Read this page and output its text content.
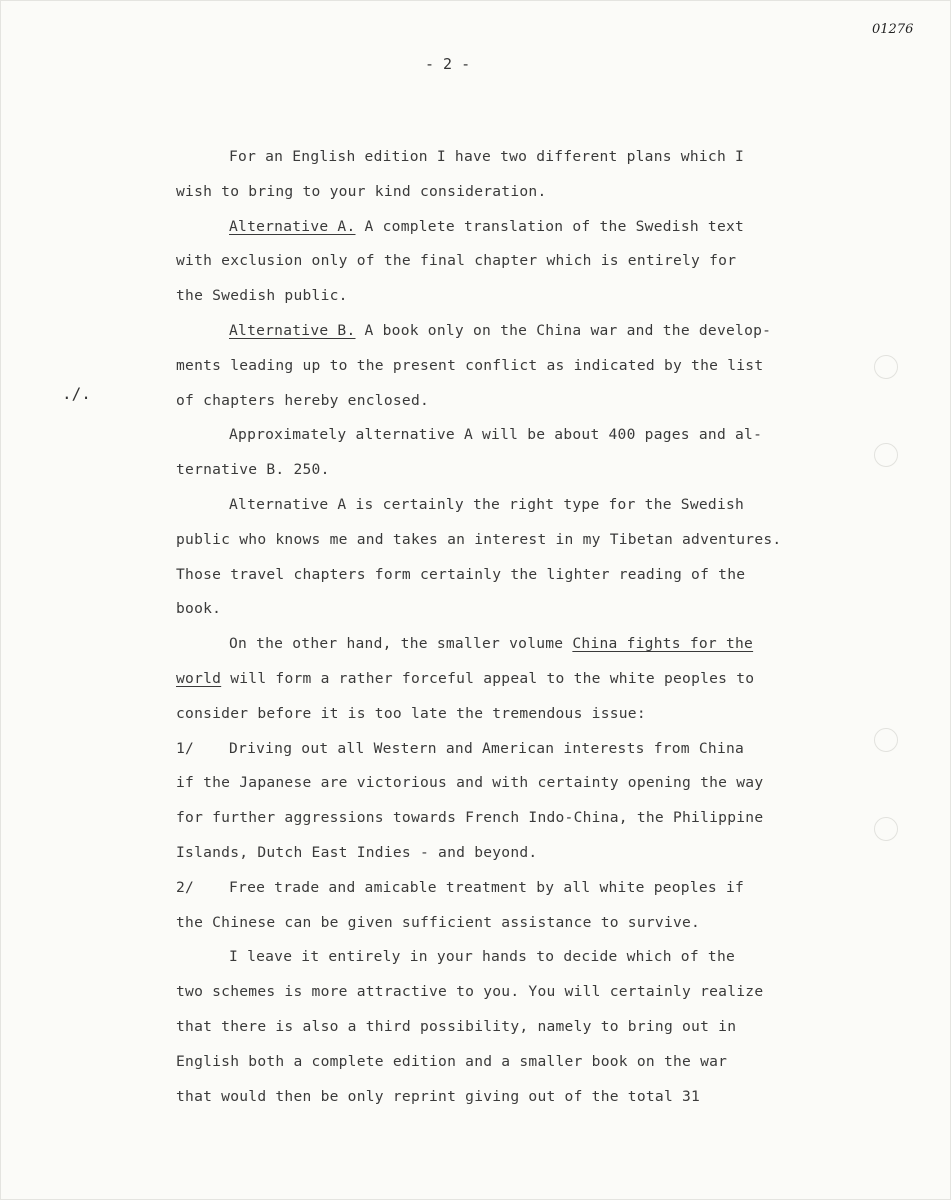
01276
- 2 -
./.
For an English edition I have two different plans which I
wish to bring to your kind consideration.
Alternative A. A complete translation of the Swedish text
with exclusion only of the final chapter which is entirely for
the Swedish public.
Alternative B. A book only on the China war and the develop-
ments leading up to the present conflict as indicated by the list
of chapters hereby enclosed.
Approximately alternative A will be about 400 pages and al-
ternative B. 250.
Alternative A is certainly the right type for the Swedish
public who knows me and takes an interest in my Tibetan adventures.
Those travel chapters form certainly the lighter reading of the
book.
On the other hand, the smaller volume China fights for the
world will form a rather forceful appeal to the white peoples to
consider before it is too late the tremendous issue:
1/ Driving out all Western and American interests from China
if the Japanese are victorious and with certainty opening the way
for further aggressions towards French Indo-China, the Philippine
Islands, Dutch East Indies - and beyond.
2/ Free trade and amicable treatment by all white peoples if
the Chinese can be given sufficient assistance to survive.
I leave it entirely in your hands to decide which of the
two schemes is more attractive to you. You will certainly realize
that there is also a third possibility, namely to bring out in
English both a complete edition and a smaller book on the war
that would then be only reprint giving out of the total 31
